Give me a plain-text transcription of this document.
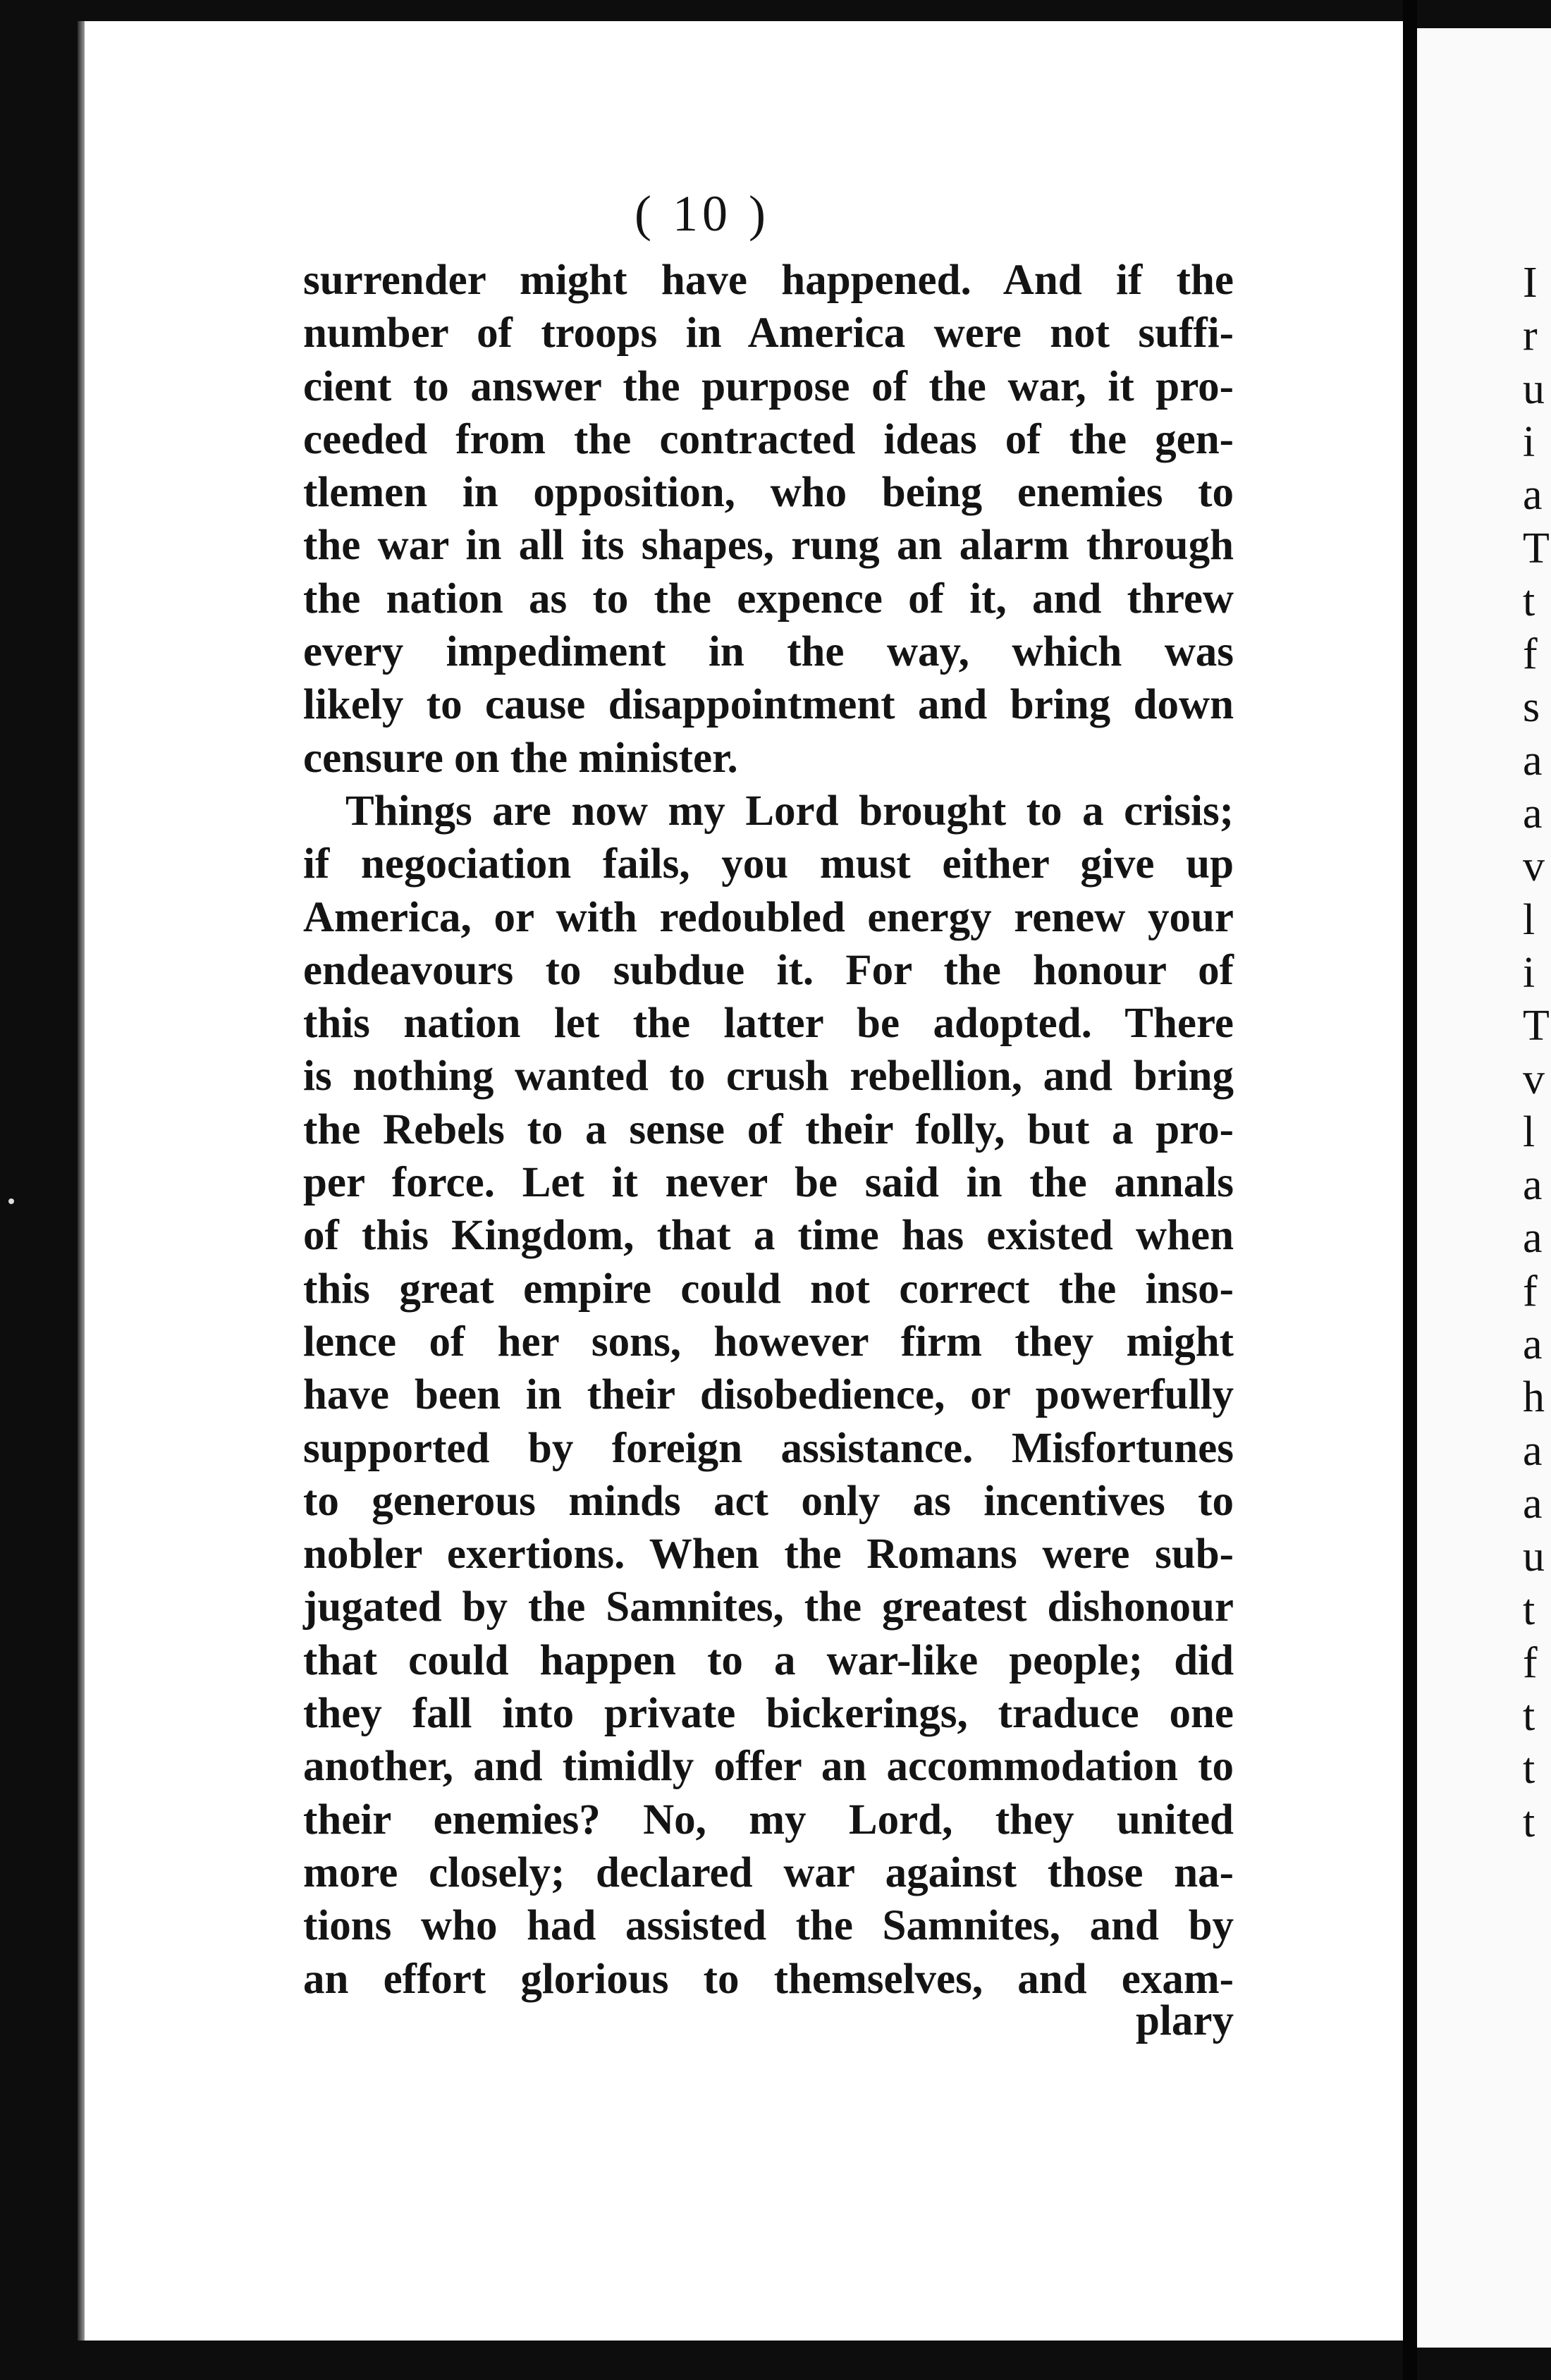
I
r
u
i
a
T
t
f
s
a
a
v
l
i
T
v
l
a
a
f
a
h
a
a
u
t
f
t
t
t
( 10 )
surrender might have happened. And if the
number of troops in America were not suffi-
cient to answer the purpose of the war, it pro-
ceeded from the contracted ideas of the gen-
tlemen in opposition, who being enemies to
the war in all its shapes, rung an alarm through
the nation as to the expence of it, and threw
every impediment in the way, which was
likely to cause disappointment and bring down
censure on the minister.
Things are now my Lord brought to a crisis;
if negociation fails, you must either give up
America, or with redoubled energy renew your
endeavours to subdue it. For the honour of
this nation let the latter be adopted. There
is nothing wanted to crush rebellion, and bring
the Rebels to a sense of their folly, but a pro-
per force. Let it never be said in the annals
of this Kingdom, that a time has existed when
this great empire could not correct the inso-
lence of her sons, however firm they might
have been in their disobedience, or powerfully
supported by foreign assistance. Misfortunes
to generous minds act only as incentives to
nobler exertions. When the Romans were sub-
jugated by the Samnites, the greatest dishonour
that could happen to a war-like people; did
they fall into private bickerings, traduce one
another, and timidly offer an accommodation to
their enemies? No, my Lord, they united
more closely; declared war against those na-
tions who had assisted the Samnites, and by
an effort glorious to themselves, and exam-
plary
